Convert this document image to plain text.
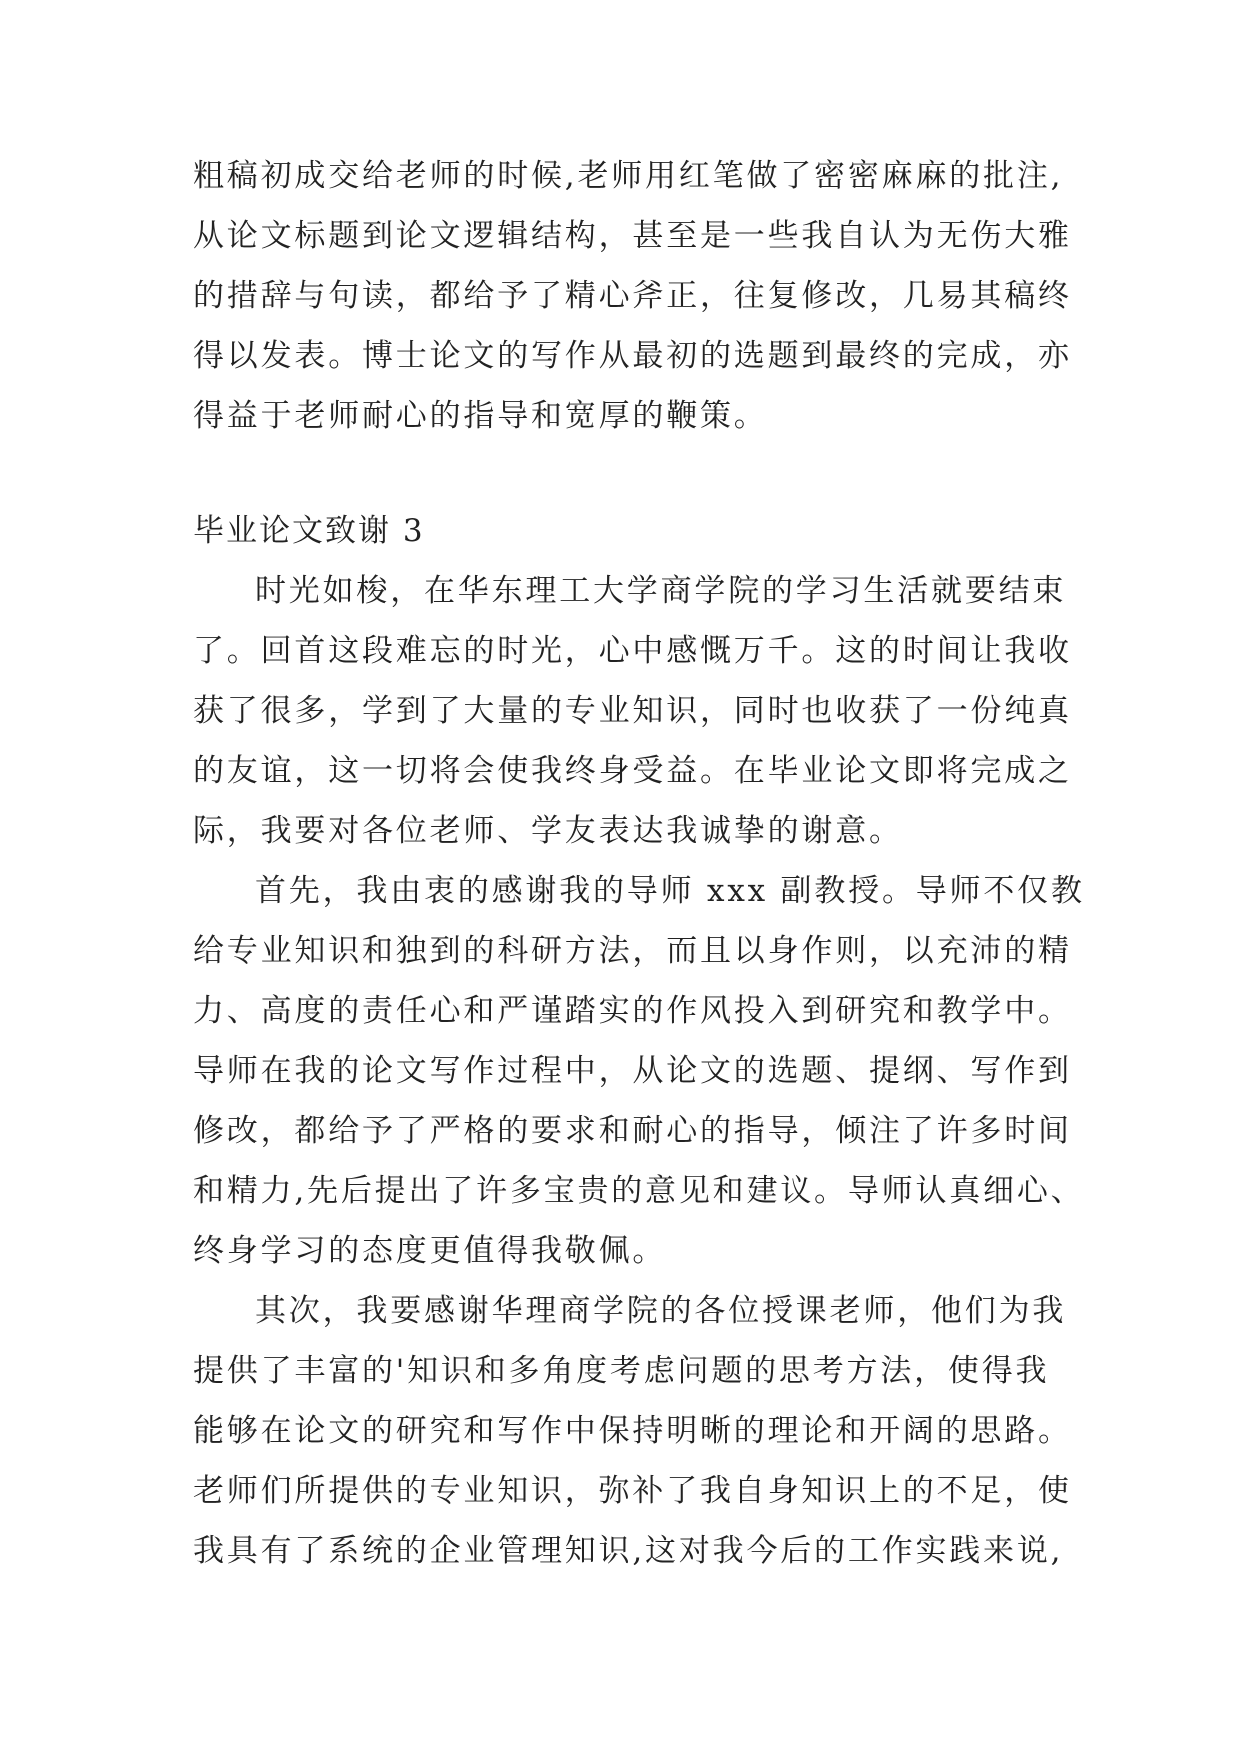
粗稿初成交给老师的时候,老师用红笔做了密密麻麻的批注,

从论文标题到论文逻辑结构，甚至是一些我自认为无伤大雅

的措辞与句读，都给予了精心斧正，往复修改，几易其稿终

得以发表。博士论文的写作从最初的选题到最终的完成，亦

得益于老师耐心的指导和宽厚的鞭策。

毕业论文致谢 3

时光如梭，在华东理工大学商学院的学习生活就要结束

了。回首这段难忘的时光，心中感慨万千。这的时间让我收

获了很多，学到了大量的专业知识，同时也收获了一份纯真

的友谊，这一切将会使我终身受益。在毕业论文即将完成之

际，我要对各位老师、学友表达我诚挚的谢意。

首先，我由衷的感谢我的导师 xxx 副教授。导师不仅教

给专业知识和独到的科研方法，而且以身作则，以充沛的精

力、高度的责任心和严谨踏实的作风投入到研究和教学中。

导师在我的论文写作过程中，从论文的选题、提纲、写作到

修改，都给予了严格的要求和耐心的指导，倾注了许多时间

和精力,先后提出了许多宝贵的意见和建议。导师认真细心、

终身学习的态度更值得我敬佩。

其次，我要感谢华理商学院的各位授课老师，他们为我

提供了丰富的'知识和多角度考虑问题的思考方法，使得我

能够在论文的研究和写作中保持明晰的理论和开阔的思路。

老师们所提供的专业知识，弥补了我自身知识上的不足，使

我具有了系统的企业管理知识,这对我今后的工作实践来说,
